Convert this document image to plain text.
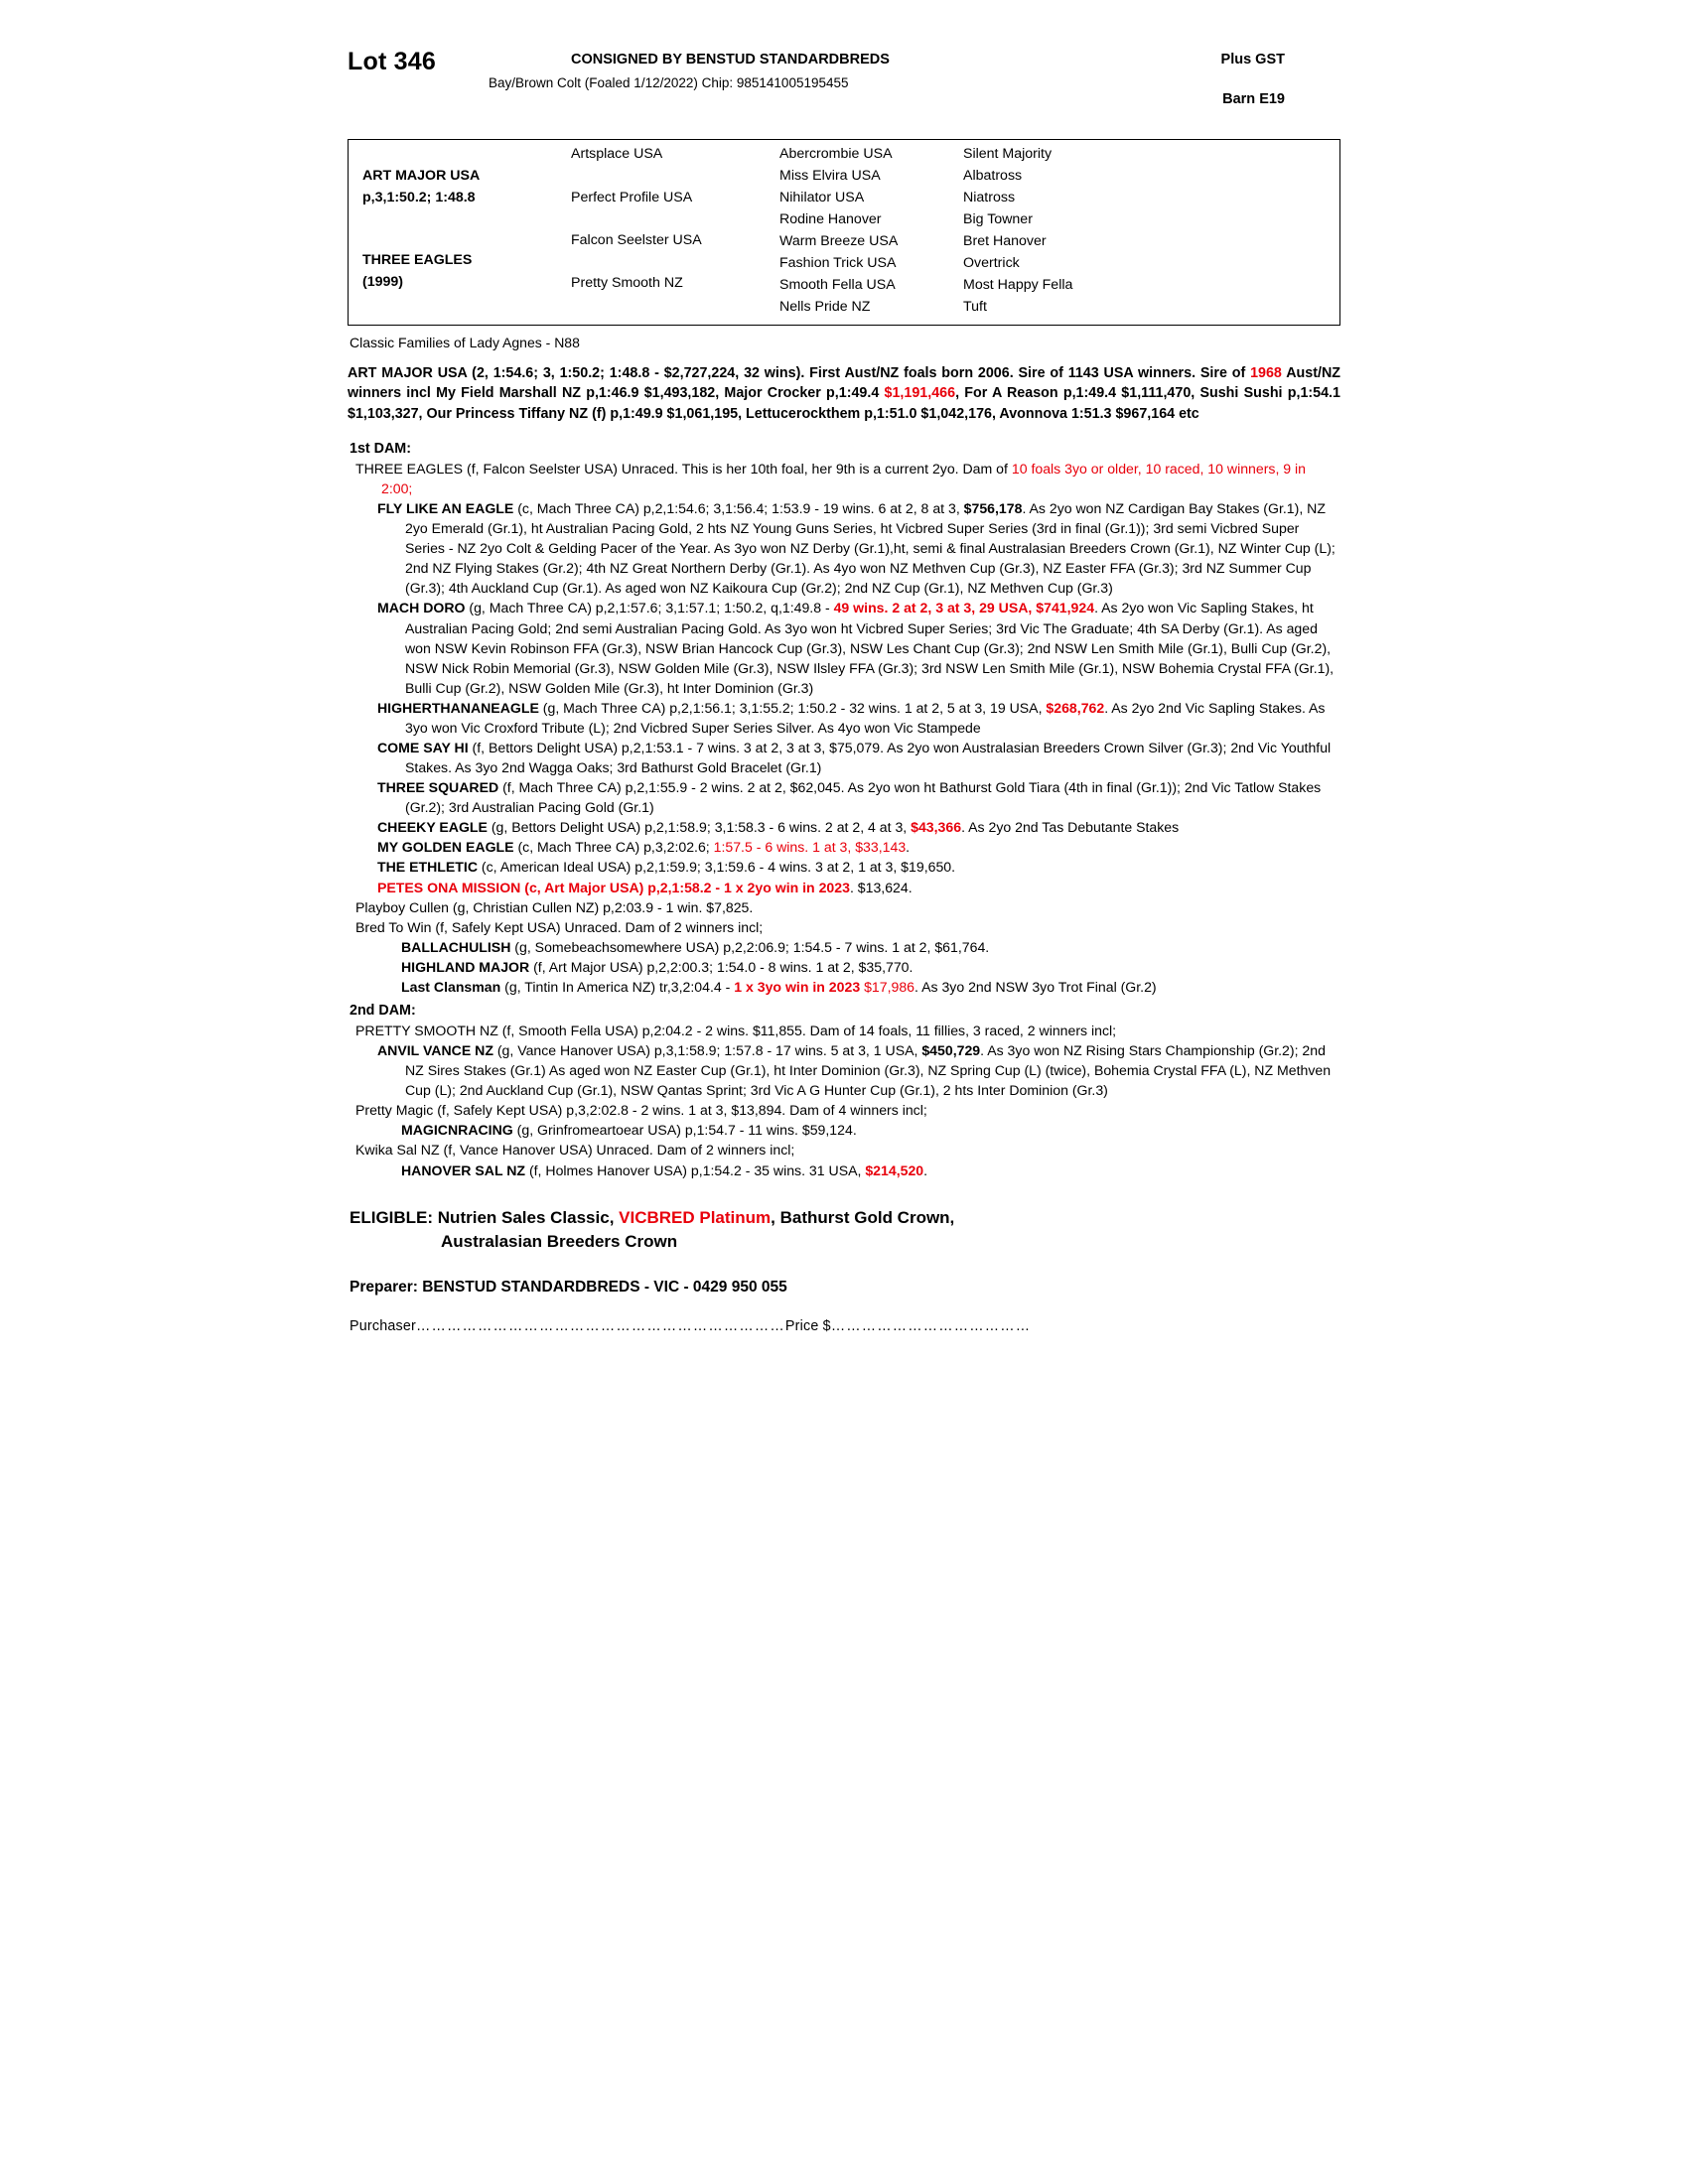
Lot 346	CONSIGNED BY BENSTUD STANDARDBREDS
Bay/Brown Colt (Foaled 1/12/2022) Chip: 985141005195455
Plus GST
Barn E19
ART MAJOR USA
p,3,1:50.2; 1:48.8
THREE EAGLES
(1999)
Artsplace USA
Perfect Profile USA
Falcon Seelster USA
Pretty Smooth NZ
Abercrombie USA
Miss Elvira USA
Nihilator USA
Rodine Hanover
Warm Breeze USA
Fashion Trick USA
Smooth Fella USA
Nells Pride NZ
Silent Majority
Albatross
Niatross
Big Towner
Bret Hanover
Overtrick
Most Happy Fella
Tuft
Classic Families of Lady Agnes - N88
ART MAJOR USA (2, 1:54.6; 3, 1:50.2; 1:48.8 - $2,727,224, 32 wins). First Aust/NZ foals born 2006. Sire of 1143 USA winners. Sire of 1968 Aust/NZ winners incl My Field Marshall NZ p,1:46.9 $1,493,182, Major Crocker p,1:49.4 $1,191,466, For A Reason p,1:49.4 $1,111,470, Sushi Sushi p,1:54.1 $1,103,327, Our Princess Tiffany NZ (f) p,1:49.9 $1,061,195, Lettucerockthem p,1:51.0 $1,042,176, Avonnova 1:51.3 $967,164 etc
1st DAM:
THREE EAGLES (f, Falcon Seelster USA) Unraced. This is her 10th foal, her 9th is a current 2yo. Dam of 10 foals 3yo or older, 10 raced, 10 winners, 9 in 2:00;
FLY LIKE AN EAGLE (c, Mach Three CA) p,2,1:54.6; 3,1:56.4; 1:53.9 - 19 wins. 6 at 2, 8 at 3, $756,178. As 2yo won NZ Cardigan Bay Stakes (Gr.1), NZ 2yo Emerald (Gr.1), ht Australian Pacing Gold, 2 hts NZ Young Guns Series, ht Vicbred Super Series (3rd in final (Gr.1)); 3rd semi Vicbred Super Series - NZ 2yo Colt & Gelding Pacer of the Year. As 3yo won NZ Derby (Gr.1),ht, semi & final Australasian Breeders Crown (Gr.1), NZ Winter Cup (L); 2nd NZ Flying Stakes (Gr.2); 4th NZ Great Northern Derby (Gr.1). As 4yo won NZ Methven Cup (Gr.3), NZ Easter FFA (Gr.3); 3rd NZ Summer Cup (Gr.3); 4th Auckland Cup (Gr.1). As aged won NZ Kaikoura Cup (Gr.2); 2nd NZ Cup (Gr.1), NZ Methven Cup (Gr.3)
MACH DORO (g, Mach Three CA) p,2,1:57.6; 3,1:57.1; 1:50.2, q,1:49.8 - 49 wins. 2 at 2, 3 at 3, 29 USA, $741,924. As 2yo won Vic Sapling Stakes, ht Australian Pacing Gold; 2nd semi Australian Pacing Gold. As 3yo won ht Vicbred Super Series; 3rd Vic The Graduate; 4th SA Derby (Gr.1). As aged won NSW Kevin Robinson FFA (Gr.3), NSW Brian Hancock Cup (Gr.3), NSW Les Chant Cup (Gr.3); 2nd NSW Len Smith Mile (Gr.1), Bulli Cup (Gr.2), NSW Nick Robin Memorial (Gr.3), NSW Golden Mile (Gr.3), NSW Ilsley FFA (Gr.3); 3rd NSW Len Smith Mile (Gr.1), NSW Bohemia Crystal FFA (Gr.1), Bulli Cup (Gr.2), NSW Golden Mile (Gr.3), ht Inter Dominion (Gr.3)
HIGHERTHANANEAGLE (g, Mach Three CA) p,2,1:56.1; 3,1:55.2; 1:50.2 - 32 wins. 1 at 2, 5 at 3, 19 USA, $268,762. As 2yo 2nd Vic Sapling Stakes. As 3yo won Vic Croxford Tribute (L); 2nd Vicbred Super Series Silver. As 4yo won Vic Stampede
COME SAY HI (f, Bettors Delight USA) p,2,1:53.1 - 7 wins. 3 at 2, 3 at 3, $75,079. As 2yo won Australasian Breeders Crown Silver (Gr.3); 2nd Vic Youthful Stakes. As 3yo 2nd Wagga Oaks; 3rd Bathurst Gold Bracelet (Gr.1)
THREE SQUARED (f, Mach Three CA) p,2,1:55.9 - 2 wins. 2 at 2, $62,045. As 2yo won ht Bathurst Gold Tiara (4th in final (Gr.1)); 2nd Vic Tatlow Stakes (Gr.2); 3rd Australian Pacing Gold (Gr.1)
CHEEKY EAGLE (g, Bettors Delight USA) p,2,1:58.9; 3,1:58.3 - 6 wins. 2 at 2, 4 at 3, $43,366. As 2yo 2nd Tas Debutante Stakes
MY GOLDEN EAGLE (c, Mach Three CA) p,3,2:02.6; 1:57.5 - 6 wins. 1 at 3, $33,143.
THE ETHLETIC (c, American Ideal USA) p,2,1:59.9; 3,1:59.6 - 4 wins. 3 at 2, 1 at 3, $19,650.
PETES ONA MISSION (c, Art Major USA) p,2,1:58.2 - 1 x 2yo win in 2023. $13,624.
Playboy Cullen (g, Christian Cullen NZ) p,2:03.9 - 1 win. $7,825.
Bred To Win (f, Safely Kept USA) Unraced. Dam of 2 winners incl;
BALLACHULISH (g, Somebeachsomewhere USA) p,2,2:06.9; 1:54.5 - 7 wins. 1 at 2, $61,764.
HIGHLAND MAJOR (f, Art Major USA) p,2,2:00.3; 1:54.0 - 8 wins. 1 at 2, $35,770.
Last Clansman (g, Tintin In America NZ) tr,3,2:04.4 - 1 x 3yo win in 2023 $17,986. As 3yo 2nd NSW 3yo Trot Final (Gr.2)
2nd DAM:
PRETTY SMOOTH NZ (f, Smooth Fella USA) p,2:04.2 - 2 wins. $11,855. Dam of 14 foals, 11 fillies, 3 raced, 2 winners incl;
ANVIL VANCE NZ (g, Vance Hanover USA) p,3,1:58.9; 1:57.8 - 17 wins. 5 at 3, 1 USA, $450,729. As 3yo won NZ Rising Stars Championship (Gr.2); 2nd NZ Sires Stakes (Gr.1) As aged won NZ Easter Cup (Gr.1), ht Inter Dominion (Gr.3), NZ Spring Cup (L) (twice), Bohemia Crystal FFA (L), NZ Methven Cup (L); 2nd Auckland Cup (Gr.1), NSW Qantas Sprint; 3rd Vic A G Hunter Cup (Gr.1), 2 hts Inter Dominion (Gr.3)
Pretty Magic (f, Safely Kept USA) p,3,2:02.8 - 2 wins. 1 at 3, $13,894. Dam of 4 winners incl;
MAGICNRACING (g, Grinfromeartoear USA) p,1:54.7 - 11 wins. $59,124.
Kwika Sal NZ (f, Vance Hanover USA) Unraced. Dam of 2 winners incl;
HANOVER SAL NZ (f, Holmes Hanover USA) p,1:54.2 - 35 wins. 31 USA, $214,520.
ELIGIBLE: Nutrien Sales Classic, VICBRED Platinum, Bathurst Gold Crown,
Australasian Breeders Crown
Preparer: BENSTUD STANDARDBREDS - VIC - 0429 950 055
Purchaser………………………………………………………………Price $…………………………………
